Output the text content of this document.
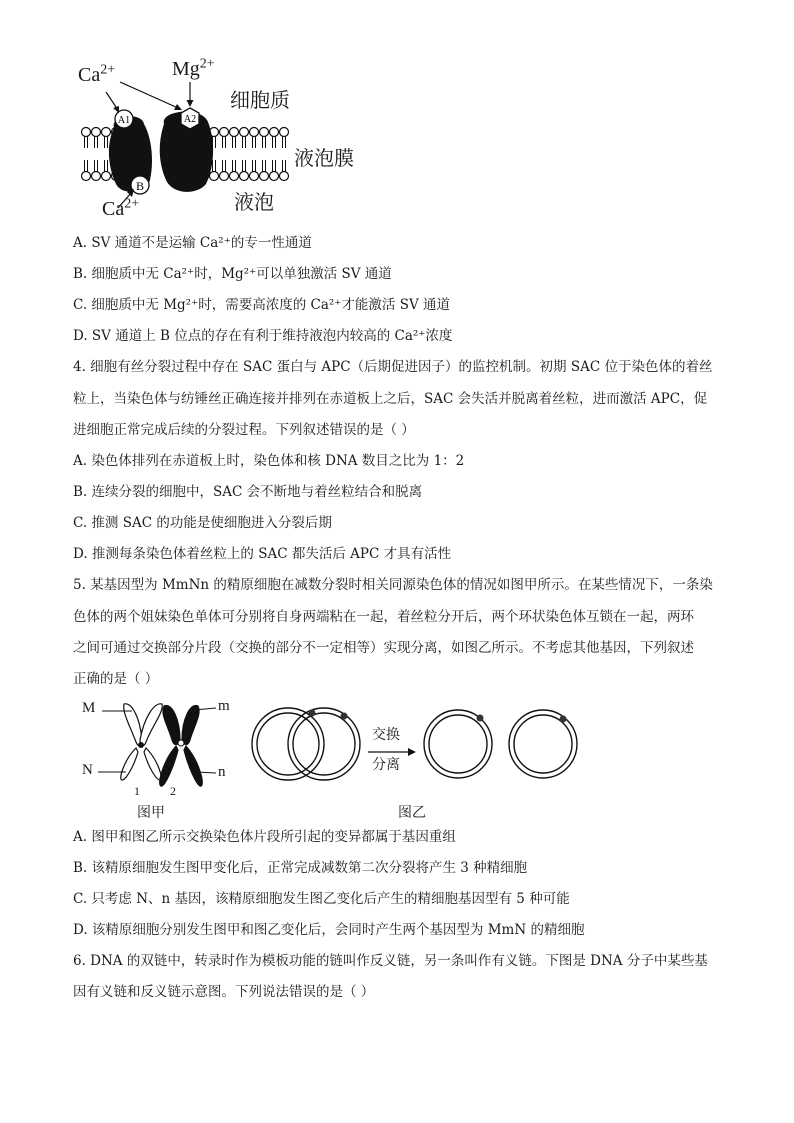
A1	A2
B
$Ca^{2+}$	$Mg^{2+}$
$Ca^{2+}$
细胞质
液泡膜
液泡
A. SV 通道不是运输 Ca²⁺的专一性通道
B. 细胞质中无 Ca²⁺时，Mg²⁺可以单独激活 SV 通道
C. 细胞质中无 Mg²⁺时，需要高浓度的 Ca²⁺才能激活 SV 通道
D. SV 通道上 B 位点的存在有利于维持液泡内较高的 Ca²⁺浓度
4. 细胞有丝分裂过程中存在 SAC 蛋白与 APC（后期促进因子）的监控机制。初期 SAC 位于染色体的着丝
粒上，当染色体与纺锤丝正确连接并排列在赤道板上之后，SAC 会失活并脱离着丝粒，进而激活 APC，促
进细胞正常完成后续的分裂过程。下列叙述错误的是（ ）
A. 染色体排列在赤道板上时，染色体和核 DNA 数目之比为 1：2
B. 连续分裂的细胞中，SAC 会不断地与着丝粒结合和脱离
C. 推测 SAC 的功能是使细胞进入分裂后期
D. 推测每条染色体着丝粒上的 SAC 都失活后 APC 才具有活性
5. 某基因型为 MmNn 的精原细胞在减数分裂时相关同源染色体的情况如图甲所示。在某些情况下，一条染
色体的两个姐妹染色单体可分别将自身两端粘在一起，着丝粒分开后，两个环状染色体互锁在一起，两环
之间可通过交换部分片段（交换的部分不一定相等）实现分离，如图乙所示。不考虑其他基因，下列叙述
正确的是（ ）
M	m
N	n
1	2
图甲
交换
分离
图乙
A. 图甲和图乙所示交换染色体片段所引起的变异都属于基因重组
B. 该精原细胞发生图甲变化后，正常完成减数第二次分裂将产生 3 种精细胞
C. 只考虑 N、n 基因，该精原细胞发生图乙变化后产生的精细胞基因型有 5 种可能
D. 该精原细胞分别发生图甲和图乙变化后，会同时产生两个基因型为 MmN 的精细胞
6. DNA 的双链中，转录时作为模板功能的链叫作反义链，另一条叫作有义链。下图是 DNA 分子中某些基
因有义链和反义链示意图。下列说法错误的是（ ）
